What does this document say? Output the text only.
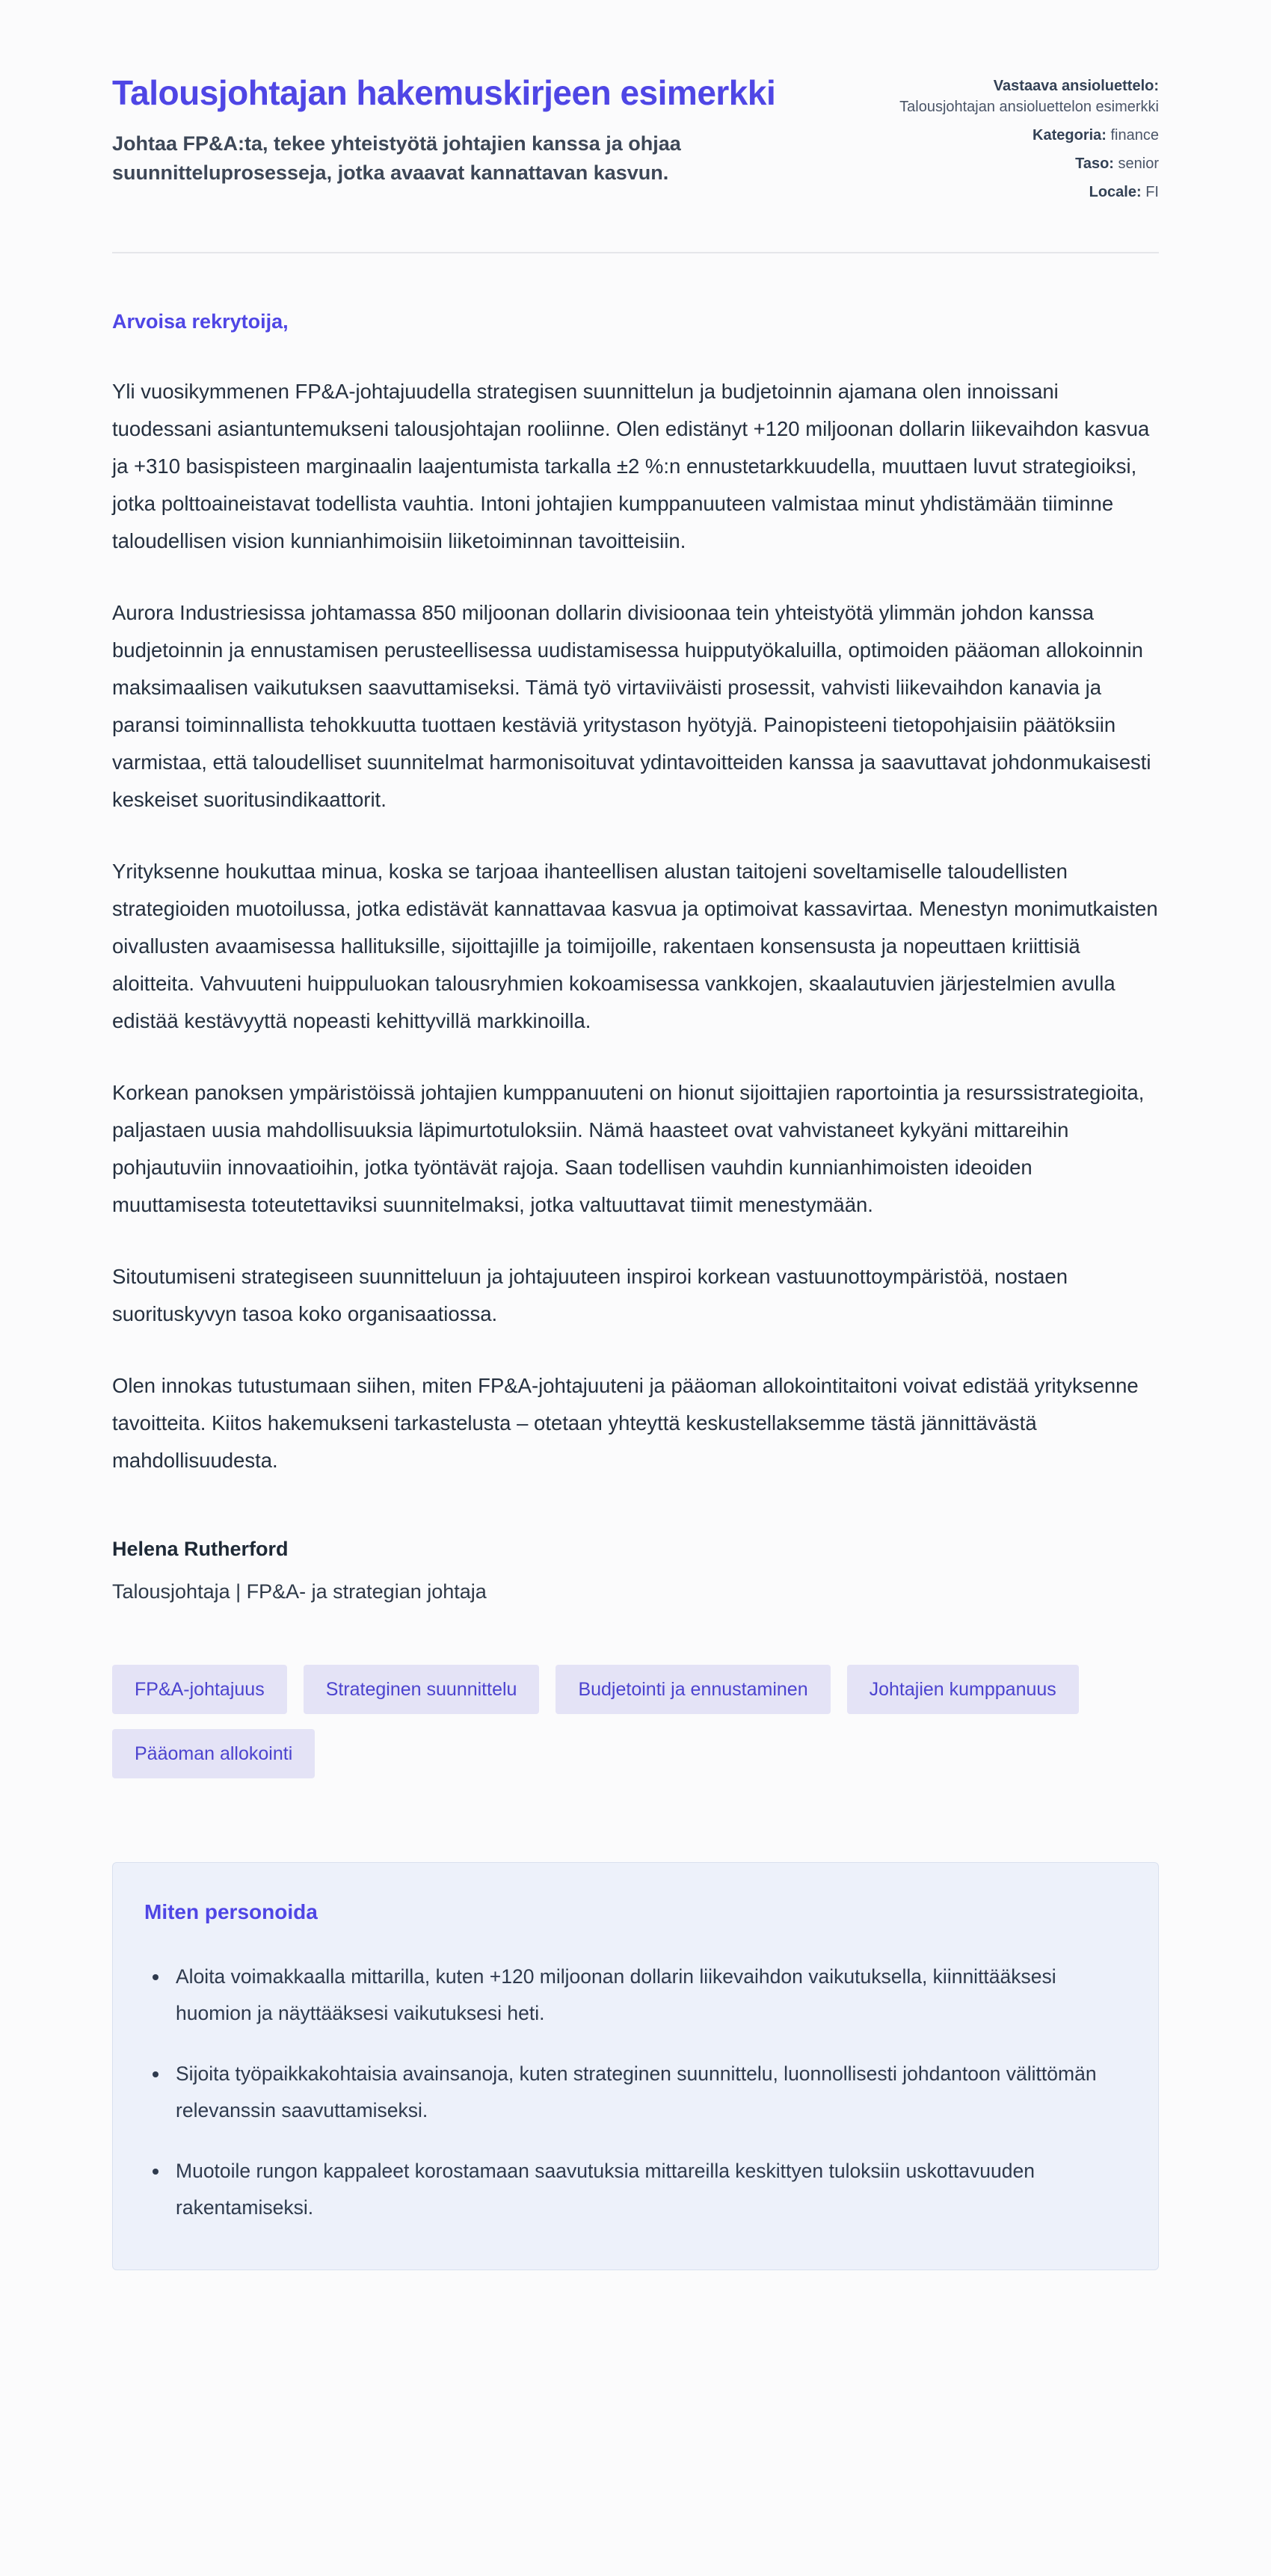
Talousjohtajan hakemuskirjeen esimerkki

Johtaa FP&A:ta, tekee yhteistyötä johtajien kanssa ja ohjaa suunnitteluprosesseja, jotka avaavat kannattavan kasvun.

Vastaava ansioluettelo:
Talousjohtajan ansioluettelon esimerkki
Kategoria: finance
Taso: senior
Locale: FI

Arvoisa rekrytoija,

Yli vuosikymmenen FP&A-johtajuudella strategisen suunnittelun ja budjetoinnin ajamana olen innoissani tuodessani asiantuntemukseni talousjohtajan rooliinne. Olen edistänyt +120 miljoonan dollarin liikevaihdon kasvua ja +310 basispisteen marginaalin laajentumista tarkalla ±2 %:n ennustetarkkuudella, muuttaen luvut strategioiksi, jotka polttoaineistavat todellista vauhtia. Intoni johtajien kumppanuuteen valmistaa minut yhdistämään tiiminne taloudellisen vision kunnianhimoisiin liiketoiminnan tavoitteisiin.

Aurora Industriesissa johtamassa 850 miljoonan dollarin divisioonaa tein yhteistyötä ylimmän johdon kanssa budjetoinnin ja ennustamisen perusteellisessa uudistamisessa huipputyökaluilla, optimoiden pääoman allokoinnin maksimaalisen vaikutuksen saavuttamiseksi. Tämä työ virtaviiväisti prosessit, vahvisti liikevaihdon kanavia ja paransi toiminnallista tehokkuutta tuottaen kestäviä yritystason hyötyjä. Painopisteeni tietopohjaisiin päätöksiin varmistaa, että taloudelliset suunnitelmat harmonisoituvat ydintavoitteiden kanssa ja saavuttavat johdonmukaisesti keskeiset suoritusindikaattorit.

Yrityksenne houkuttaa minua, koska se tarjoaa ihanteellisen alustan taitojeni soveltamiselle taloudellisten strategioiden muotoilussa, jotka edistävät kannattavaa kasvua ja optimoivat kassavirtaa. Menestyn monimutkaisten oivallusten avaamisessa hallituksille, sijoittajille ja toimijoille, rakentaen konsensusta ja nopeuttaen kriittisiä aloitteita. Vahvuuteni huippuluokan talousryhmien kokoamisessa vankkojen, skaalautuvien järjestelmien avulla edistää kestävyyttä nopeasti kehittyvillä markkinoilla.

Korkean panoksen ympäristöissä johtajien kumppanuuteni on hionut sijoittajien raportointia ja resurssistrategioita, paljastaen uusia mahdollisuuksia läpimurtotuloksiin. Nämä haasteet ovat vahvistaneet kykyäni mittareihin pohjautuviin innovaatioihin, jotka työntävät rajoja. Saan todellisen vauhdin kunnianhimoisten ideoiden muuttamisesta toteutettaviksi suunnitelmaksi, jotka valtuuttavat tiimit menestymään.

Sitoutumiseni strategiseen suunnitteluun ja johtajuuteen inspiroi korkean vastuunottoympäristöä, nostaen suorituskyvyn tasoa koko organisaatiossa.

Olen innokas tutustumaan siihen, miten FP&A-johtajuuteni ja pääoman allokointitaitoni voivat edistää yrityksenne tavoitteita. Kiitos hakemukseni tarkastelusta – otetaan yhteyttä keskustellaksemme tästä jännittävästä mahdollisuudesta.

Helena Rutherford

Talousjohtaja | FP&A- ja strategian johtaja

FP&A-johtajuus	Strateginen suunnittelu	Budjetointi ja ennustaminen	Johtajien kumppanuus
Pääoman allokointi
Miten personoida
• Aloita voimakkaalla mittarilla, kuten +120 miljoonan dollarin liikevaihdon vaikutuksella, kiinnittääksesi huomion ja näyttääksesi vaikutuksesi heti.
• Sijoita työpaikkakohtaisia avainsanoja, kuten strateginen suunnittelu, luonnollisesti johdantoon välittömän relevanssin saavuttamiseksi.
• Muotoile rungon kappaleet korostamaan saavutuksia mittareilla keskittyen tuloksiin uskottavuuden rakentamiseksi.
